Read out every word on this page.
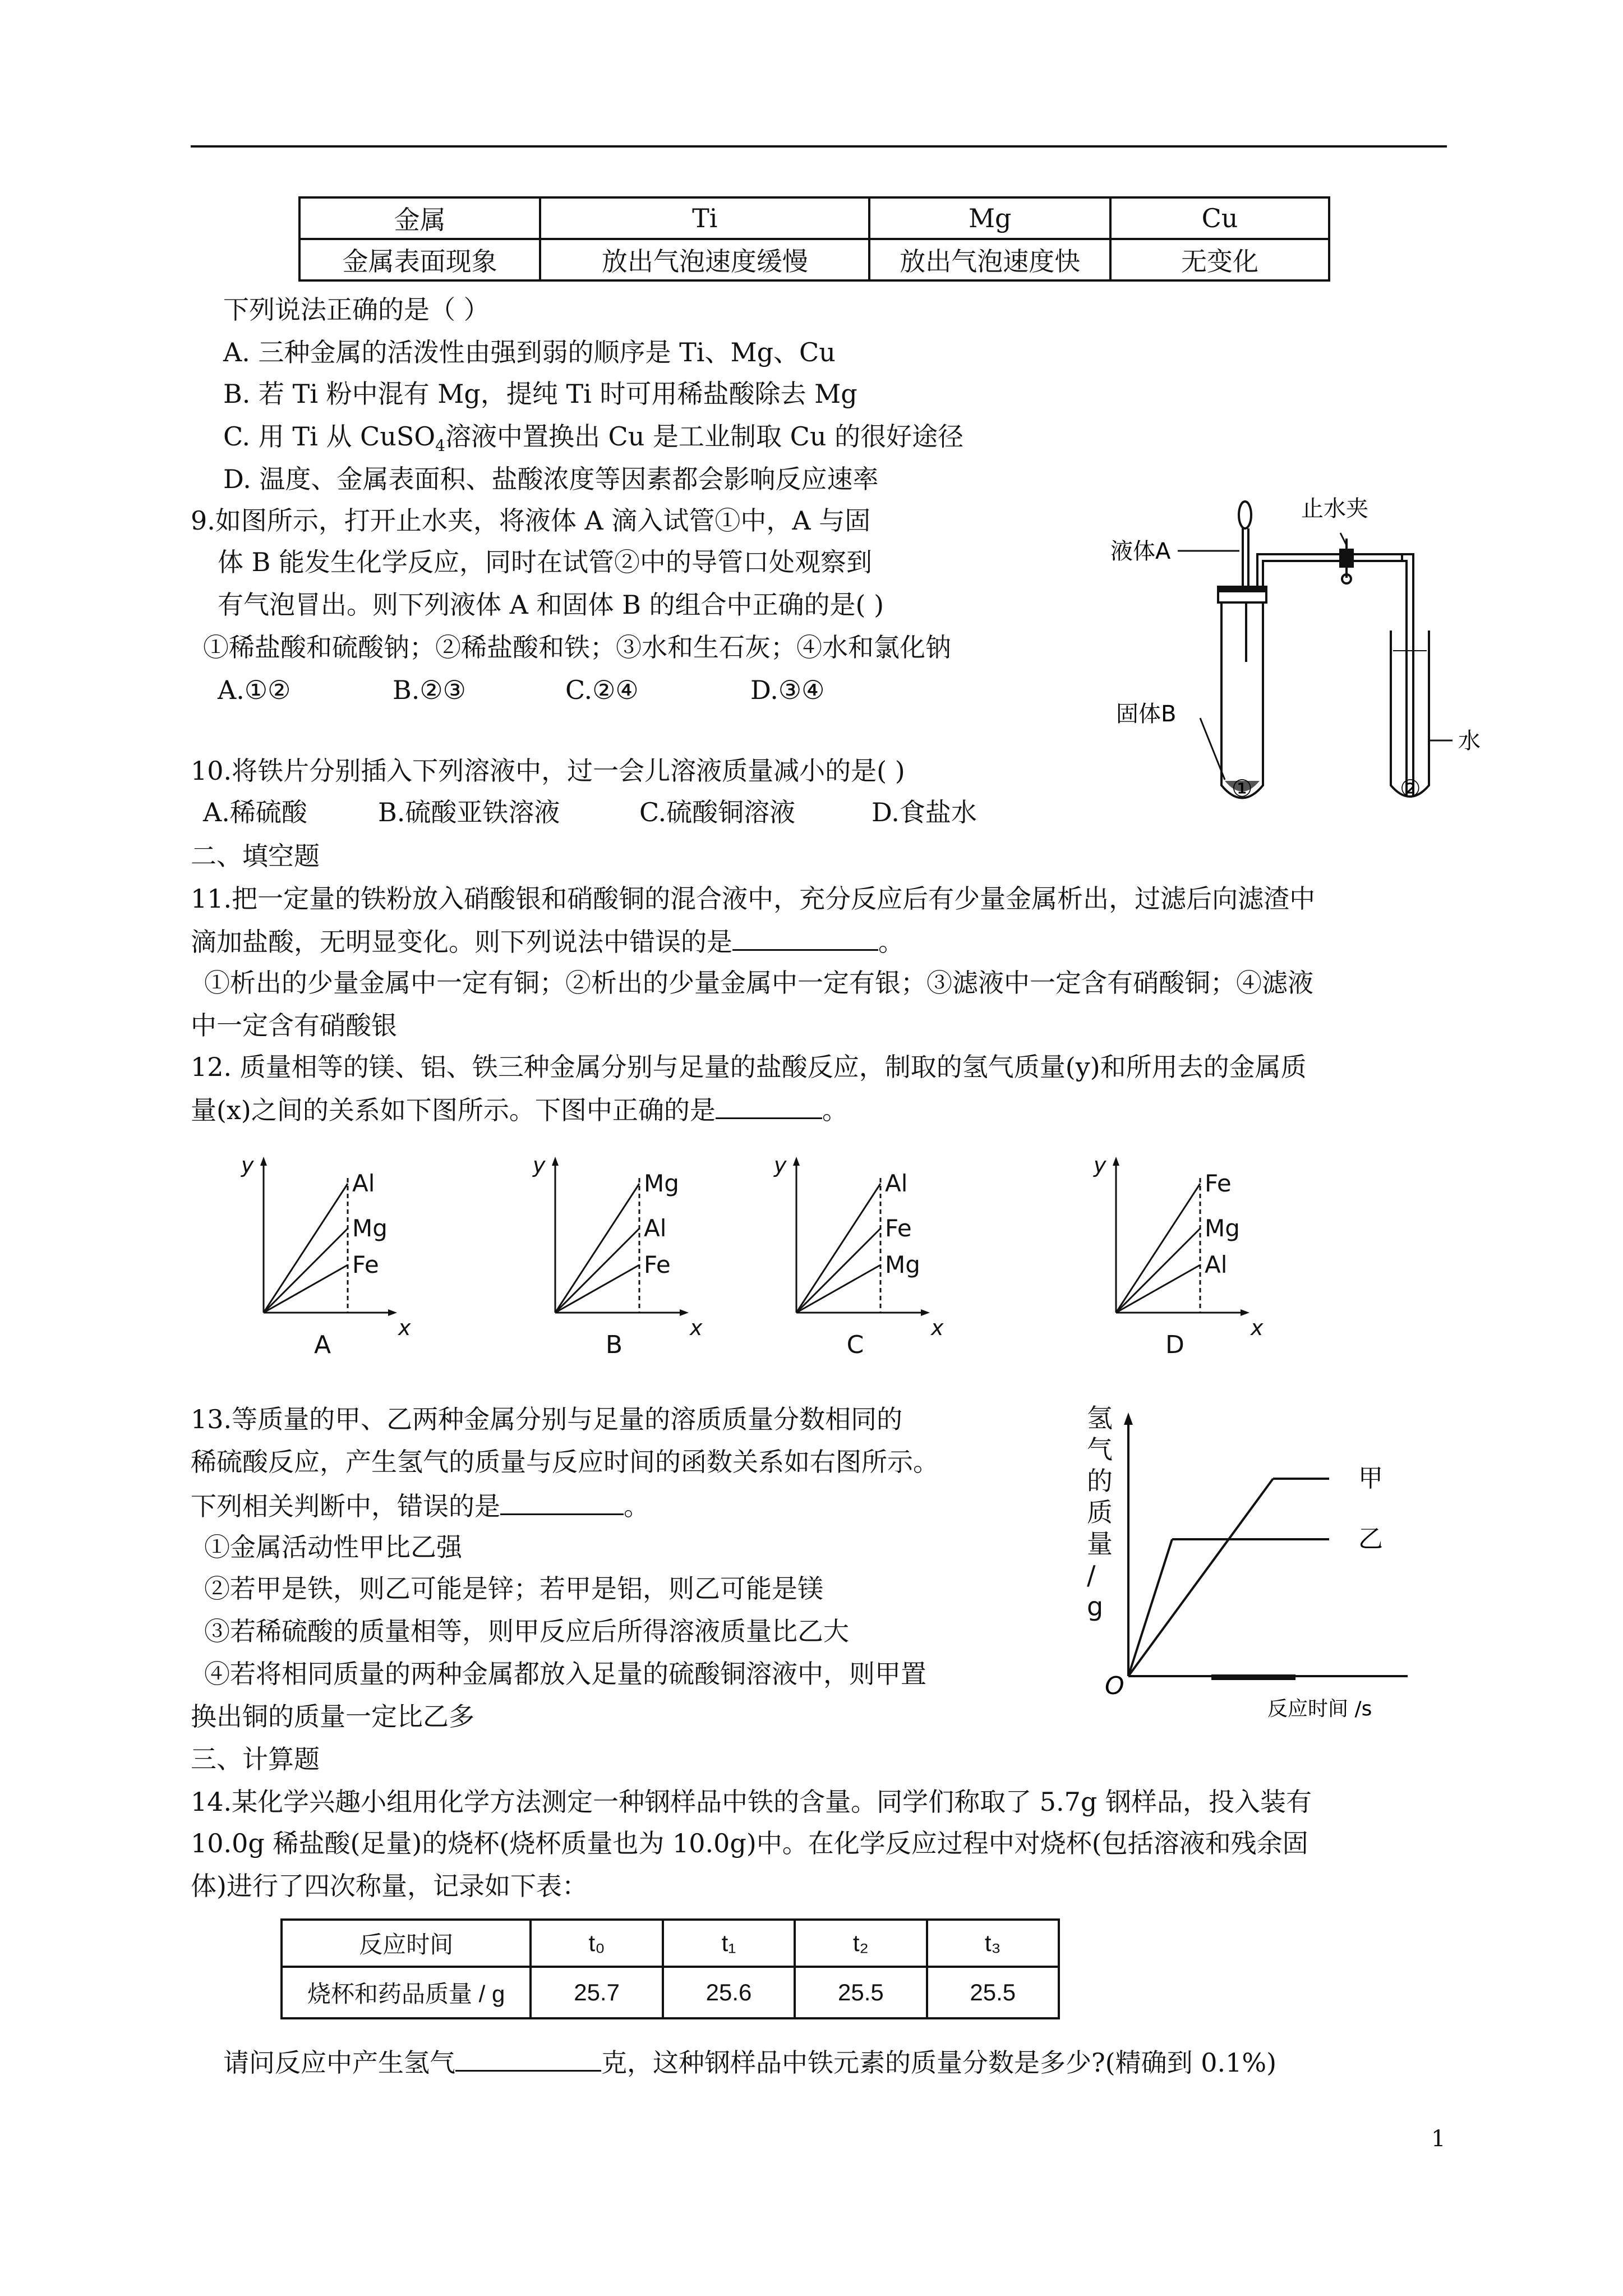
金属	Ti	Mg	Cu
金属表面现象	放出气泡速度缓慢	放出气泡速度快	无变化
下列说法正确的是（ ）
A. 三种金属的活泼性由强到弱的顺序是 Ti、Mg、Cu
B. 若 Ti 粉中混有 Mg，提纯 Ti 时可用稀盐酸除去 Mg
C. 用 Ti 从 CuSO$_4$溶液中置换出 Cu 是工业制取 Cu 的很好途径
D. 温度、金属表面积、盐酸浓度等因素都会影响反应速率
9.如图所示，打开止水夹，将液体 A 滴入试管①中，A 与固
体 B 能发生化学反应，同时在试管②中的导管口处观察到
有气泡冒出。则下列液体 A 和固体 B 的组合中正确的是( )
①稀盐酸和硫酸钠；②稀盐酸和铁；③水和生石灰；④水和氯化钠
A.①②	B.②③	C.②④	D.③④
液体A
止水夹
固体B
水
①	②
10.将铁片分别插入下列溶液中，过一会儿溶液质量减小的是( )
A.稀硫酸	B.硫酸亚铁溶液	C.硫酸铜溶液	D.食盐水
二、填空题
11.把一定量的铁粉放入硝酸银和硝酸铜的混合液中，充分反应后有少量金属析出，过滤后向滤渣中
滴加盐酸，无明显变化。则下列说法中错误的是	。
①析出的少量金属中一定有铜；②析出的少量金属中一定有银；③滤液中一定含有硝酸铜；④滤液
中一定含有硝酸银
12. 质量相等的镁、铝、铁三种金属分别与足量的盐酸反应，制取的氢气质量(y)和所用去的金属质
量(x)之间的关系如下图所示。下图中正确的是	。
Al
Mg
Fe
y
x
A
Mg
Al
Fe
y
x
B
Al
Fe
Mg
y
x
C
Fe
Mg
Al
y
x
D
13.等质量的甲、乙两种金属分别与足量的溶质质量分数相同的
稀硫酸反应，产生氢气的质量与反应时间的函数关系如右图所示。
下列相关判断中，错误的是	。
①金属活动性甲比乙强
②若甲是铁，则乙可能是锌；若甲是铝，则乙可能是镁
③若稀硫酸的质量相等，则甲反应后所得溶液质量比乙大
④若将相同质量的两种金属都放入足量的硫酸铜溶液中，则甲置
换出铜的质量一定比乙多
氢
气
的
质
量
/
g
甲
乙
O
反应时间 /s
三、计算题
14.某化学兴趣小组用化学方法测定一种钢样品中铁的含量。同学们称取了 5.7g 钢样品，投入装有
10.0g 稀盐酸(足量)的烧杯(烧杯质量也为 10.0g)中。在化学反应过程中对烧杯(包括溶液和残余固
体)进行了四次称量，记录如下表：
反应时间	t₀	t₁	t₂	t₃
烧杯和药品质量 / g	25.7	25.6	25.5	25.5
请问反应中产生氢气	克，这种钢样品中铁元素的质量分数是多少?(精确到 0.1%)
1
